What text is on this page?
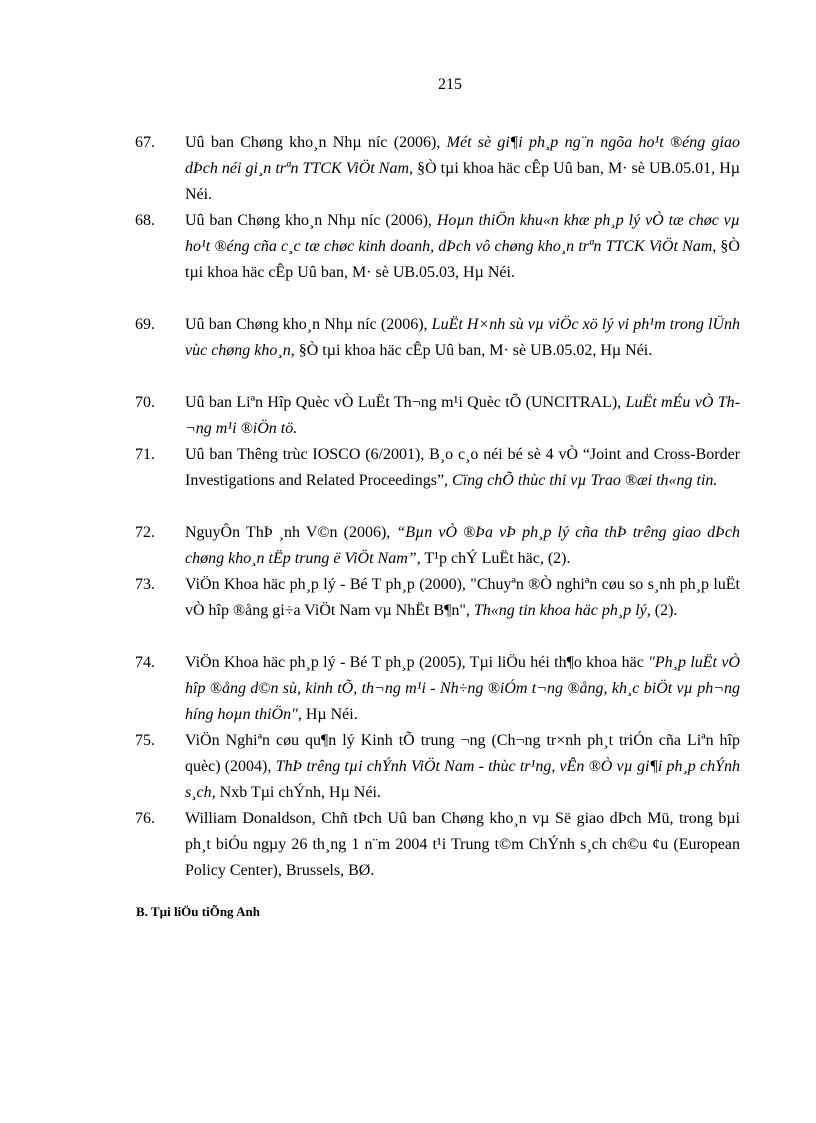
215
67. Uû ban Chøng kho¸n Nhµ níc (2006), Mét sè gi¶i ph¸p ng¨n ngõa ho¹t ®éng giao dÞch néi gi¸n trªn TTCK ViÖt Nam, §Ò tµi khoa häc cÊp Uû ban, M· sè UB.05.01, Hµ Néi.
68. Uû ban Chøng kho¸n Nhµ níc (2006), Hoµn thiÖn khu«n khæ ph¸p lý vÒ tæ chøc vµ ho¹t ®éng cña c¸c tæ chøc kinh doanh, dÞch vô chøng kho¸n trªn TTCK ViÖt Nam, §Ò tµi khoa häc cÊp Uû ban, M· sè UB.05.03, Hµ Néi.
69. Uû ban Chøng kho¸n Nhµ níc (2006), LuËt H×nh sù vµ viÖc xö lý vi ph¹m trong lÜnh vùc chøng kho¸n, §Ò tµi khoa häc cÊp Uû ban, M· sè UB.05.02, Hµ Néi.
70. Uû ban Liªn Hîp Quèc vÒ LuËt Th¬ng m¹i Quèc tÕ (UNCITRAL), LuËt mÉu vÒ Th¬ng m¹i ®iÖn tö.
71. Uû ban Thêng trùc IOSCO (6/2001), B¸o c¸o néi bé sè 4 vÒ “Joint and Cross-Border Investigations and Related Proceedings”, Cïng chÕ thùc thi vµ Trao ®æi th«ng tin.
72. NguyÔn ThÞ ¸nh V©n (2006), “Bµn vÒ ®Þa vÞ ph¸p lý cña thÞ trêng giao dÞch chøng kho¸n tËp trung ë ViÖt Nam”, T¹p chÝ LuËt häc, (2).
73. ViÖn Khoa häc ph¸p lý - Bé T ph¸p (2000), "Chuyªn ®Ò nghiªn cøu so s¸nh ph¸p luËt vÒ hîp ®ång gi÷a ViÖt Nam vµ NhËt B¶n", Th«ng tin khoa häc ph¸p lý, (2).
74. ViÖn Khoa häc ph¸p lý - Bé T ph¸p (2005), Tµi liÖu héi th¶o khoa häc "Ph¸p luËt vÒ hîp ®ång d©n sù, kinh tÕ, th¬ng m¹i - Nh÷ng ®iÓm t¬ng ®ång, kh¸c biÖt vµ ph¬ng híng hoµn thiÖn", Hµ Néi.
75. ViÖn Nghiªn cøu qu¶n lý Kinh tÕ trung ¬ng (Ch¬ng tr×nh ph¸t triÓn cña Liªn hîp quèc) (2004), ThÞ trêng tµi chÝnh ViÖt Nam - thùc tr¹ng, vÊn ®Ò vµ gi¶i ph¸p chÝnh s¸ch, Nxb Tµi chÝnh, Hµ Néi.
76. William Donaldson, Chñ tÞch Uû ban Chøng kho¸n vµ Së giao dÞch Mü, trong bµi ph¸t biÓu ngµy 26 th¸ng 1 n¨m 2004 t¹i Trung t©m ChÝnh s¸ch ch©u ¢u (European Policy Center), Brussels, BØ.
B. Tµi liÖu tiÕng Anh
